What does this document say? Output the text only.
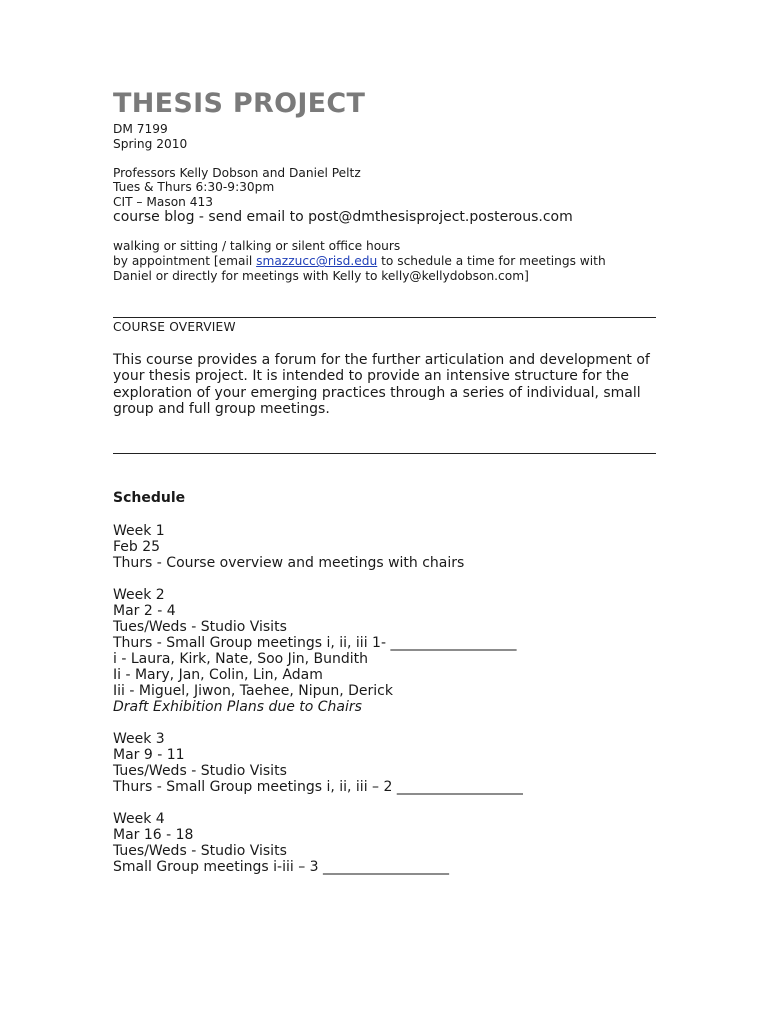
THESIS PROJECT
DM 7199
Spring 2010
Professors Kelly Dobson and Daniel Peltz
Tues & Thurs 6:30-9:30pm
CIT – Mason 413
course blog - send email to post@dmthesisproject.posterous.com
walking or sitting / talking or silent office hours
by appointment [email smazzucc@risd.edu to schedule a time for meetings with
Daniel or directly for meetings with Kelly to kelly@kellydobson.com]
COURSE OVERVIEW
This course provides a forum for the further articulation and development of your thesis project. It is intended to provide an intensive structure for the exploration of your emerging practices through a series of individual, small group and full group meetings.
Schedule
Week 1
Feb 25
Thurs - Course overview and meetings with chairs
Week 2
Mar 2 - 4
Tues/Weds - Studio Visits
Thurs - Small Group meetings i, ii, iii 1- __________________
i - Laura, Kirk, Nate, Soo Jin, Bundith
Ii - Mary, Jan, Colin, Lin, Adam
Iii - Miguel, Jiwon, Taehee, Nipun, Derick
Draft Exhibition Plans due to Chairs
Week 3
Mar 9 - 11
Tues/Weds - Studio Visits
Thurs - Small Group meetings i, ii, iii – 2 __________________
Week 4
Mar 16 - 18
Tues/Weds - Studio Visits
Small Group meetings i-iii – 3 __________________
